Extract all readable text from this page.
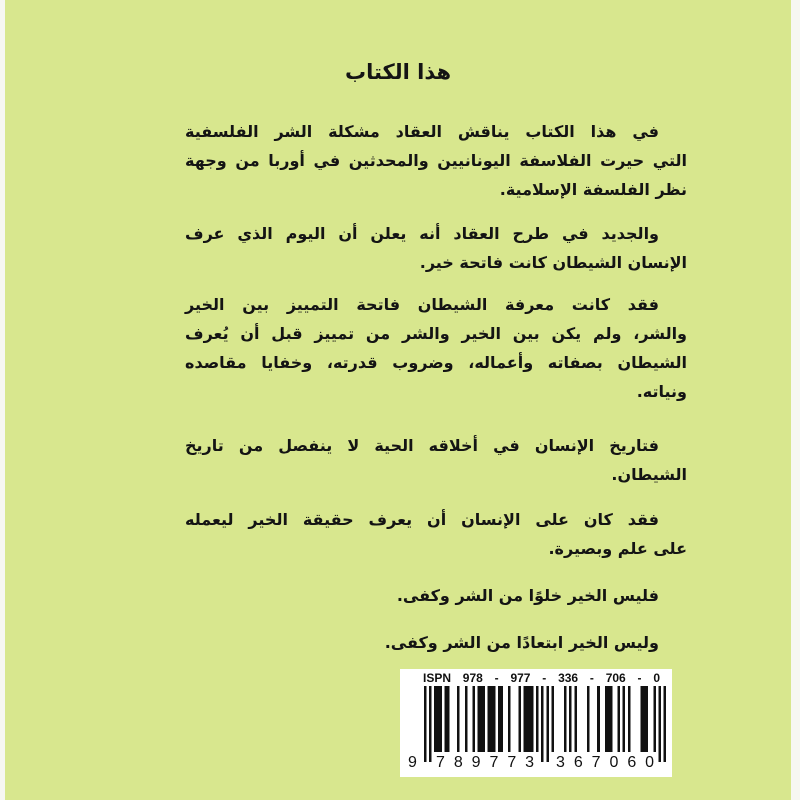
هذا الكتاب
في هذا الكتاب يناقش العقاد مشكلة الشر الفلسفية
التي حيرت الفلاسفة اليونانيين والمحدثين في أوربا من وجهة
نظر الفلسفة الإسلامية.
والجديد في طرح العقاد أنه يعلن أن اليوم الذي عرف
الإنسان الشيطان كانت فاتحة خير.
فقد كانت معرفة الشيطان فاتحة التمييز بين الخير
والشر، ولم يكن بين الخير والشر من تمييز قبل أن يُعرف
الشيطان بصفاته وأعماله، وضروب قدرته، وخفايا مقاصده
ونياته.
فتاريخ الإنسان في أخلاقه الحية لا ينفصل من تاريخ
الشيطان.
فقد كان على الإنسان أن يعرف حقيقة الخير ليعمله
على علم وبصيرة.
فليس الخير خلوًا من الشر وكفى.
وليس الخير ابتعادًا من الشر وكفى.
ISPN 978 - 977 - 336 - 706 - 0
9 789773 367060
